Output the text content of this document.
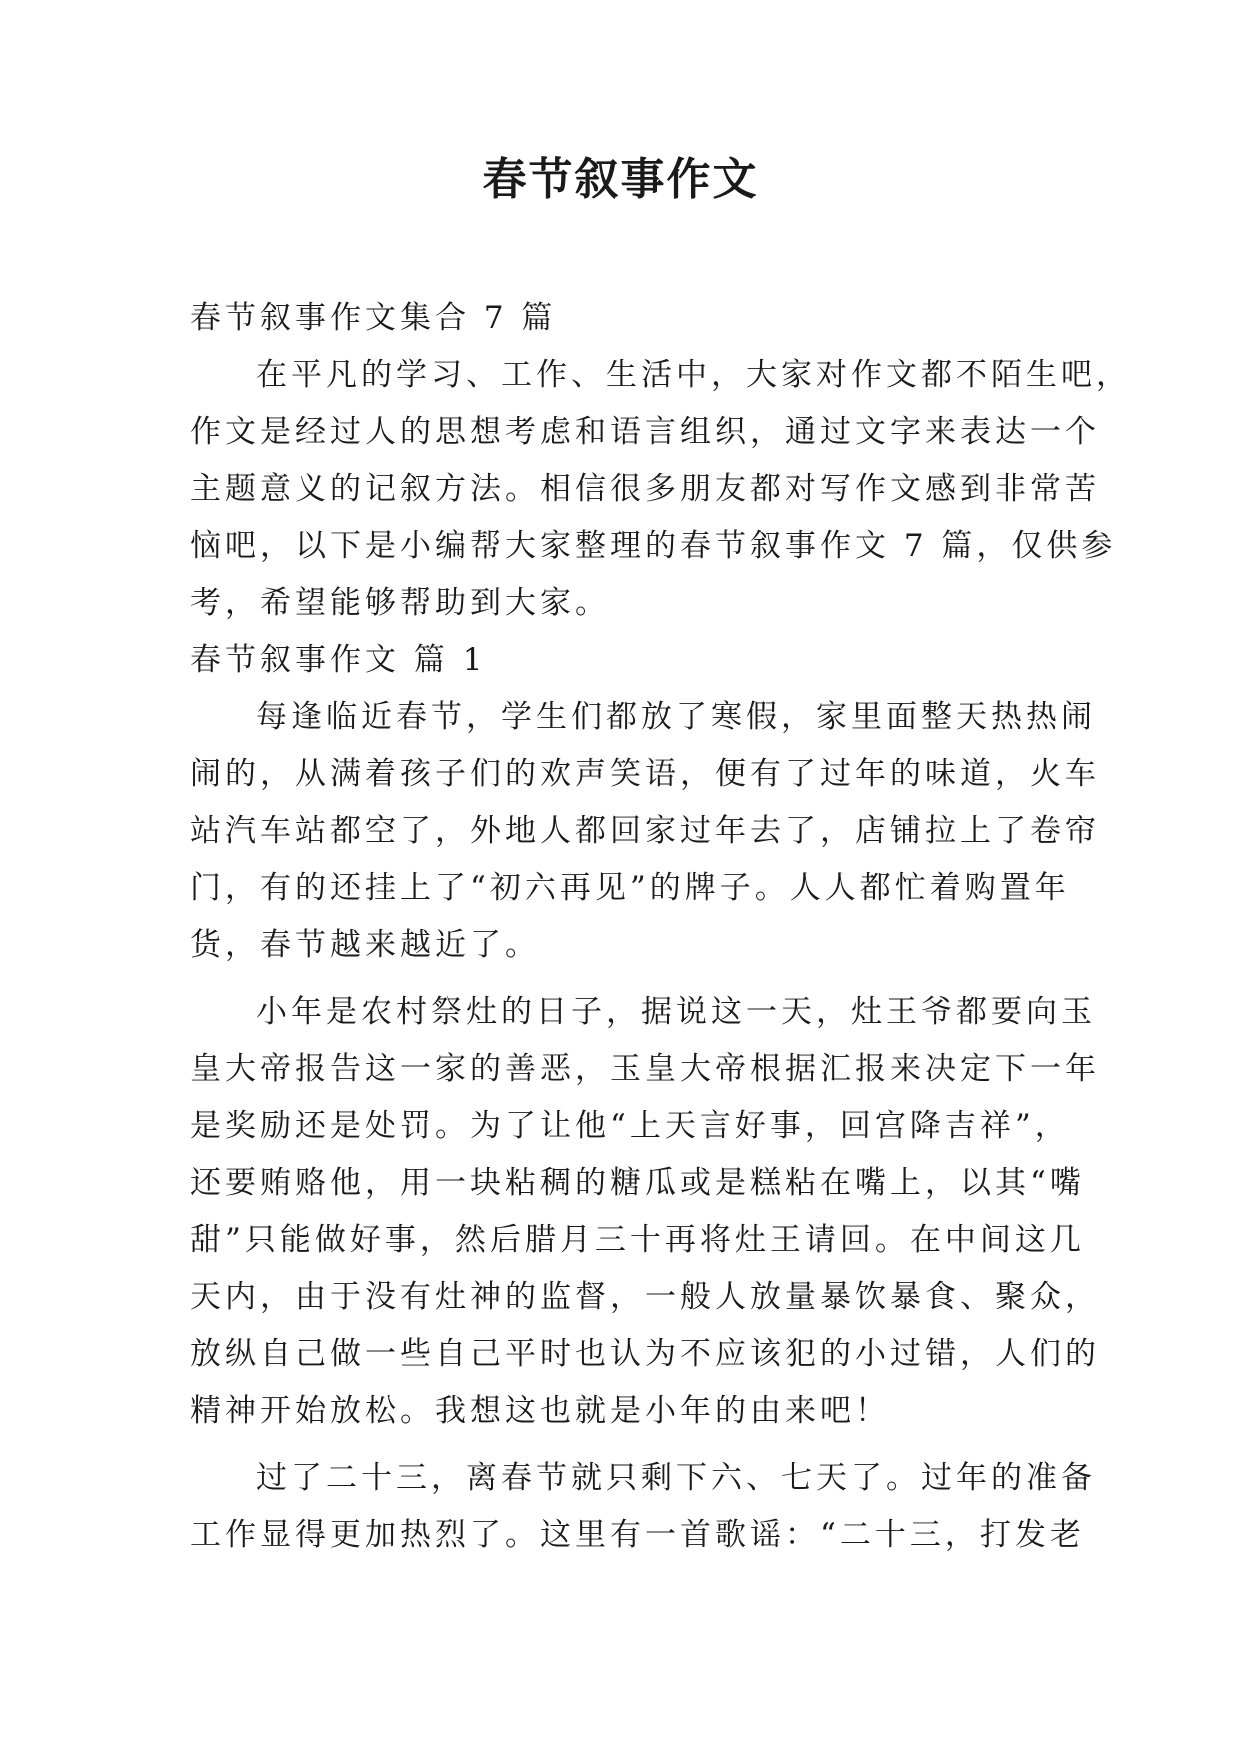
春节叙事作文
春节叙事作文集合 7 篇
在平凡的学习、工作、生活中，大家对作文都不陌生吧，
作文是经过人的思想考虑和语言组织，通过文字来表达一个
主题意义的记叙方法。相信很多朋友都对写作文感到非常苦
恼吧，以下是小编帮大家整理的春节叙事作文 7 篇，仅供参
考，希望能够帮助到大家。
春节叙事作文 篇 1
每逢临近春节，学生们都放了寒假，家里面整天热热闹
闹的，从满着孩子们的欢声笑语，便有了过年的味道，火车
站汽车站都空了，外地人都回家过年去了，店铺拉上了卷帘
门，有的还挂上了“初六再见”的牌子。人人都忙着购置年
货，春节越来越近了。
小年是农村祭灶的日子，据说这一天，灶王爷都要向玉
皇大帝报告这一家的善恶，玉皇大帝根据汇报来决定下一年
是奖励还是处罚。为了让他“上天言好事，回宫降吉祥”，
还要贿赂他，用一块粘稠的糖瓜或是糕粘在嘴上，以其“嘴
甜”只能做好事，然后腊月三十再将灶王请回。在中间这几
天内，由于没有灶神的监督，一般人放量暴饮暴食、聚众，
放纵自己做一些自己平时也认为不应该犯的小过错，人们的
精神开始放松。我想这也就是小年的由来吧！
过了二十三，离春节就只剩下六、七天了。过年的准备
工作显得更加热烈了。这里有一首歌谣：“二十三，打发老
